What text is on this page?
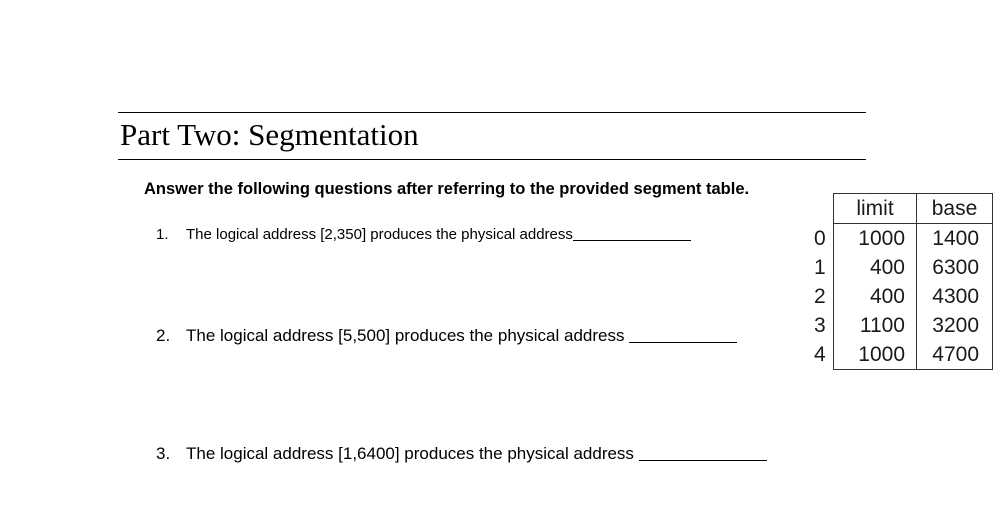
Part Two: Segmentation
Answer the following questions after referring to the provided segment table.
1.	The logical address [2,350] produces the physical address
2. The logical address [5,500] produces the physical address
3. The logical address [1,6400] produces the physical address
	limit	base
0	1000	1400
1	400	6300
2	400	4300
3	1100	3200
4	1000	4700
